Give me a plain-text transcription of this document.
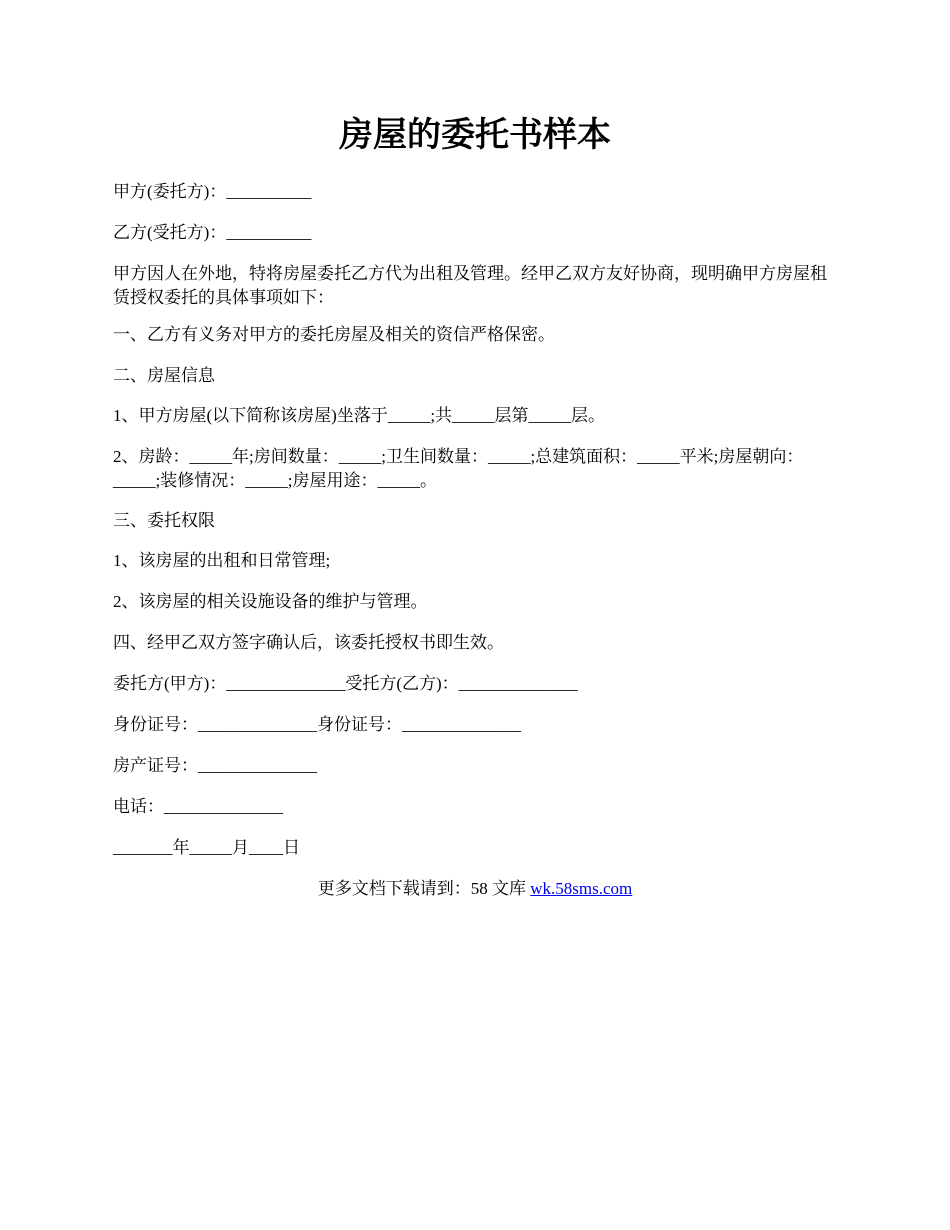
房屋的委托书样本

甲方(委托方)：__________

乙方(受托方)：__________

甲方因人在外地，特将房屋委托乙方代为出租及管理。经甲乙双方友好协商，现明确甲方房屋租赁授权委托的具体事项如下：

一、乙方有义务对甲方的委托房屋及相关的资信严格保密。

二、房屋信息

1、甲方房屋(以下简称该房屋)坐落于_____;共_____层第_____层。

2、房龄：_____年;房间数量：_____;卫生间数量：_____;总建筑面积：_____平米;房屋朝向：_____;装修情况：_____;房屋用途：_____。

三、委托权限

1、该房屋的出租和日常管理;

2、该房屋的相关设施设备的维护与管理。

四、经甲乙双方签字确认后，该委托授权书即生效。

委托方(甲方)：______________受托方(乙方)：______________

身份证号：______________身份证号：______________

房产证号：______________

电话：______________

_______年_____月____日

更多文档下载请到：58 文库 wk.58sms.com
